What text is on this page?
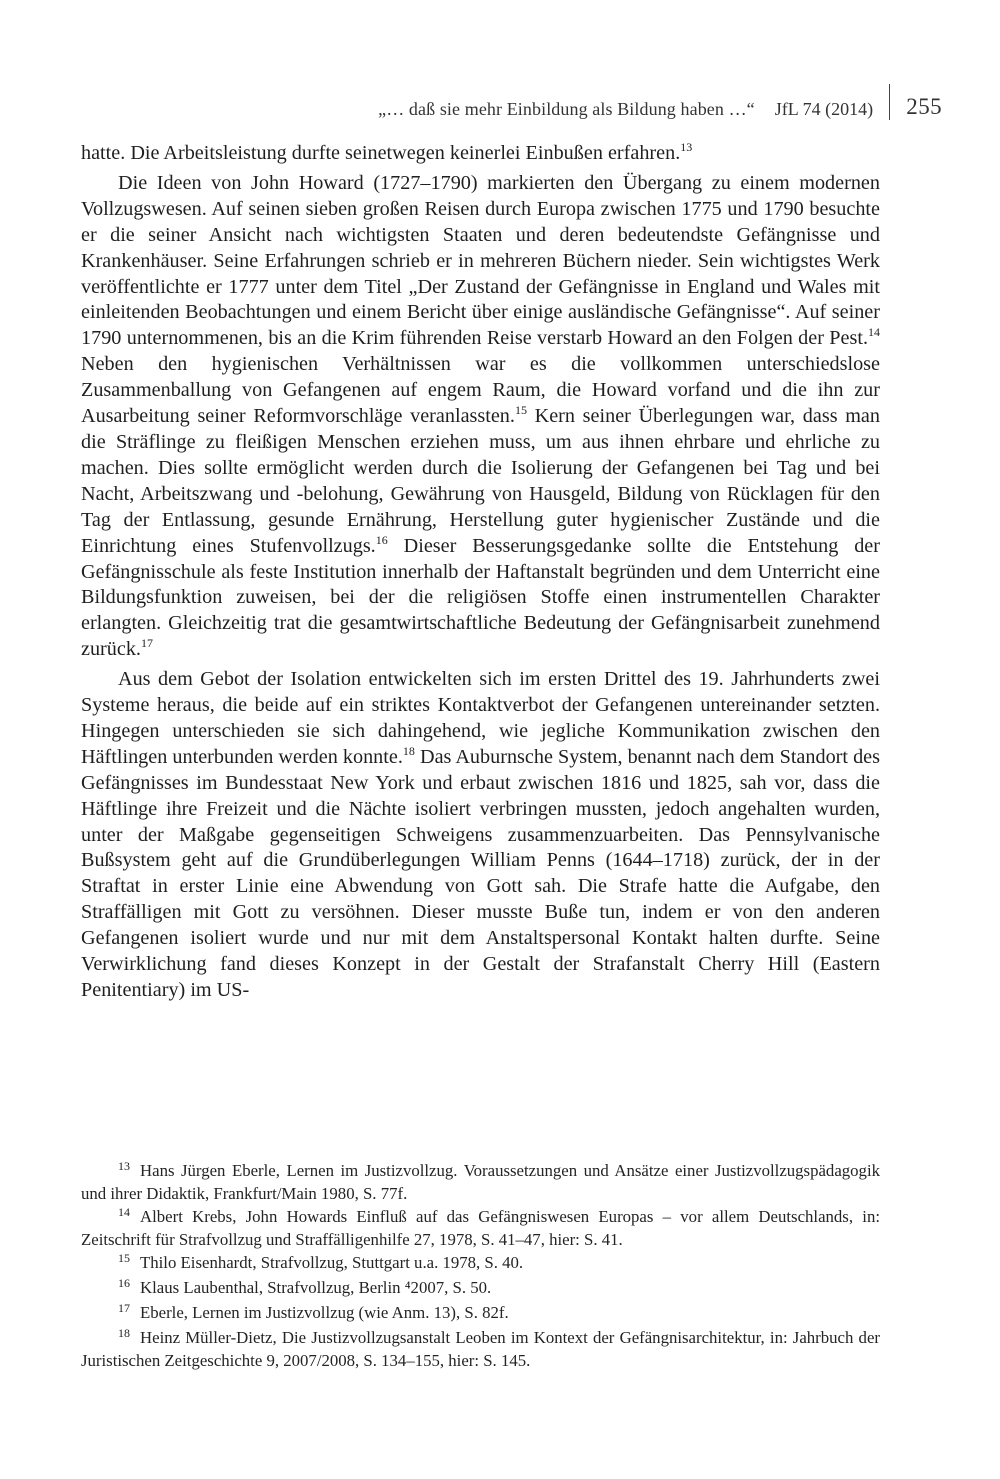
„… daß sie mehr Einbildung als Bildung haben …“ JfL 74 (2014) 255

hatte. Die Arbeitsleistung durfte seinetwegen keinerlei Einbußen erfahren.$^{13}$

Die Ideen von John Howard (1727–1790) markierten den Übergang zu einem modernen Vollzugswesen. Auf seinen sieben großen Reisen durch Europa zwischen 1775 und 1790 besuchte er die seiner Ansicht nach wichtigsten Staaten und deren bedeutendste Gefängnisse und Krankenhäuser. Seine Erfahrungen schrieb er in mehreren Büchern nieder. Sein wichtigstes Werk veröffentlichte er 1777 unter dem Titel „Der Zustand der Gefängnisse in England und Wales mit einleitenden Beobachtungen und einem Bericht über einige ausländische Gefängnisse“. Auf seiner 1790 unternommenen, bis an die Krim führenden Reise verstarb Howard an den Folgen der Pest.$^{14}$ Neben den hygienischen Verhältnissen war es die vollkommen unterschiedslose Zusammenballung von Gefangenen auf engem Raum, die Howard vorfand und die ihn zur Ausarbeitung seiner Reformvorschläge veranlassten.$^{15}$ Kern seiner Überlegungen war, dass man die Sträflinge zu fleißigen Menschen erziehen muss, um aus ihnen ehrbare und ehrliche zu machen. Dies sollte ermöglicht werden durch die Isolierung der Gefangenen bei Tag und bei Nacht, Arbeitszwang und -belohung, Gewährung von Hausgeld, Bildung von Rücklagen für den Tag der Entlassung, gesunde Ernährung, Herstellung guter hygienischer Zustände und die Einrichtung eines Stufenvollzugs.$^{16}$ Dieser Besserungsgedanke sollte die Entstehung der Gefängnisschule als feste Institution innerhalb der Haftanstalt begründen und dem Unterricht eine Bildungsfunktion zuweisen, bei der die religiösen Stoffe einen instrumentellen Charakter erlangten. Gleichzeitig trat die gesamtwirtschaftliche Bedeutung der Gefängnisarbeit zunehmend zurück.$^{17}$

Aus dem Gebot der Isolation entwickelten sich im ersten Drittel des 19. Jahrhunderts zwei Systeme heraus, die beide auf ein striktes Kontaktverbot der Gefangenen untereinander setzten. Hingegen unterschieden sie sich dahingehend, wie jegliche Kommunikation zwischen den Häftlingen unterbunden werden konnte.$^{18}$ Das Auburnsche System, benannt nach dem Standort des Gefängnisses im Bundesstaat New York und erbaut zwischen 1816 und 1825, sah vor, dass die Häftlinge ihre Freizeit und die Nächte isoliert verbringen mussten, jedoch angehalten wurden, unter der Maßgabe gegenseitigen Schweigens zusammenzuarbeiten. Das Pennsylvanische Bußsystem geht auf die Grundüberlegungen William Penns (1644–1718) zurück, der in der Straftat in erster Linie eine Abwendung von Gott sah. Die Strafe hatte die Aufgabe, den Straffälligen mit Gott zu versöhnen. Dieser musste Buße tun, indem er von den anderen Gefangenen isoliert wurde und nur mit dem Anstaltspersonal Kontakt halten durfte. Seine Verwirklichung fand dieses Konzept in der Gestalt der Strafanstalt Cherry Hill (Eastern Penitentiary) im US-

$^{13}$ Hans Jürgen Eberle, Lernen im Justizvollzug. Voraussetzungen und Ansätze einer Justizvollzugspädagogik und ihrer Didaktik, Frankfurt/Main 1980, S. 77f.
$^{14}$ Albert Krebs, John Howards Einfluß auf das Gefängniswesen Europas – vor allem Deutschlands, in: Zeitschrift für Strafvollzug und Straffälligenhilfe 27, 1978, S. 41–47, hier: S. 41.
$^{15}$ Thilo Eisenhardt, Strafvollzug, Stuttgart u.a. 1978, S. 40.
$^{16}$ Klaus Laubenthal, Strafvollzug, Berlin ⁴2007, S. 50.
$^{17}$ Eberle, Lernen im Justizvollzug (wie Anm. 13), S. 82f.
$^{18}$ Heinz Müller-Dietz, Die Justizvollzugsanstalt Leoben im Kontext der Gefängnisarchitektur, in: Jahrbuch der Juristischen Zeitgeschichte 9, 2007/2008, S. 134–155, hier: S. 145.
